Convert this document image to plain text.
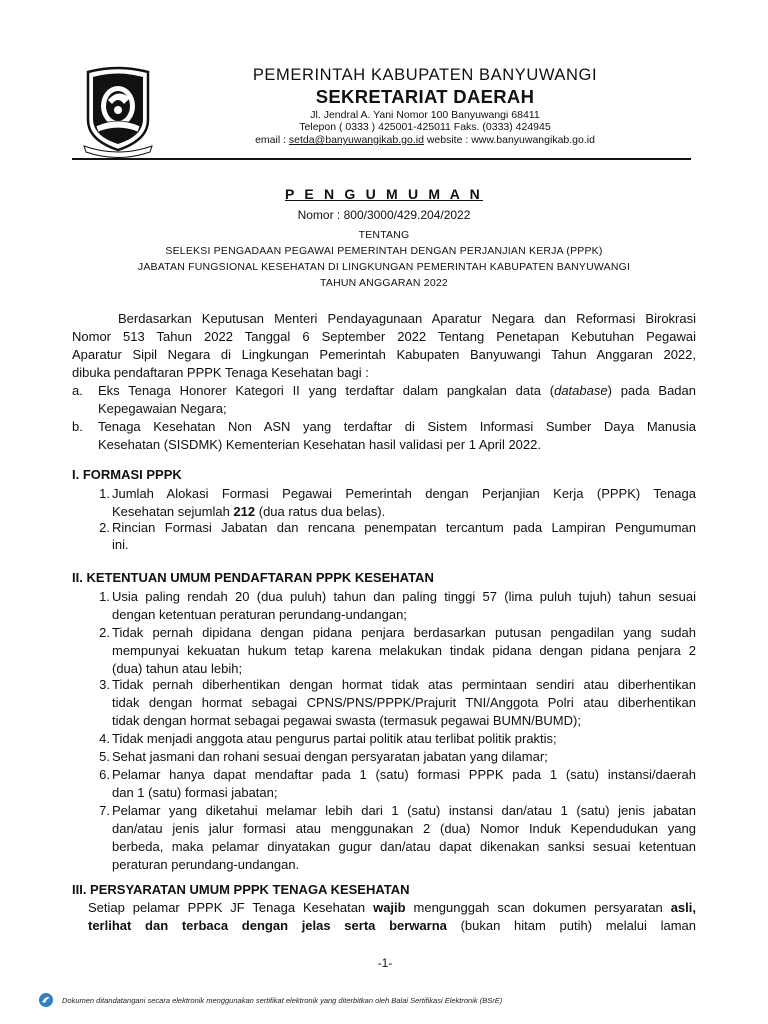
PEMERINTAH KABUPATEN BANYUWANGI
SEKRETARIAT DAERAH
Jl. Jendral A. Yani Nomor 100 Banyuwangi 68411
Telepon ( 0333 ) 425001-425011 Faks. (0333) 424945
email : setda@banyuwangikab.go.id website : www.banyuwangikab.go.id
P E N G U M U M A N
Nomor : 800/3000/429.204/2022
TENTANG
SELEKSI PENGADAAN PEGAWAI PEMERINTAH DENGAN PERJANJIAN KERJA (PPPK)
JABATAN FUNGSIONAL KESEHATAN DI LINGKUNGAN PEMERINTAH KABUPATEN BANYUWANGI
TAHUN ANGGARAN 2022
Berdasarkan Keputusan Menteri Pendayagunaan Aparatur Negara dan Reformasi Birokrasi
Nomor 513 Tahun 2022 Tanggal 6 September 2022 Tentang Penetapan Kebutuhan Pegawai
Aparatur Sipil Negara di Lingkungan Pemerintah Kabupaten Banyuwangi Tahun Anggaran 2022,
dibuka pendaftaran PPPK Tenaga Kesehatan bagi :
a.	Eks Tenaga Honorer Kategori II yang terdaftar dalam pangkalan data (database) pada Badan
Kepegawaian Negara;
b.	Tenaga Kesehatan Non ASN yang terdaftar di Sistem Informasi Sumber Daya Manusia
Kesehatan (SISDMK) Kementerian Kesehatan hasil validasi per 1 April 2022.
I. FORMASI PPPK
1. Jumlah Alokasi Formasi Pegawai Pemerintah dengan Perjanjian Kerja (PPPK) Tenaga
Kesehatan sejumlah 212 (dua ratus dua belas).
2. Rincian Formasi Jabatan dan rencana penempatan tercantum pada Lampiran Pengumuman
ini.
II. KETENTUAN UMUM PENDAFTARAN PPPK KESEHATAN
1. Usia paling rendah 20 (dua puluh) tahun dan paling tinggi 57 (lima puluh tujuh) tahun sesuai
dengan ketentuan peraturan perundang-undangan;
2. Tidak pernah dipidana dengan pidana penjara berdasarkan putusan pengadilan yang sudah
mempunyai kekuatan hukum tetap karena melakukan tindak pidana dengan pidana penjara 2
(dua) tahun atau lebih;
3. Tidak pernah diberhentikan dengan hormat tidak atas permintaan sendiri atau diberhentikan
tidak dengan hormat sebagai CPNS/PNS/PPPK/Prajurit TNI/Anggota Polri atau diberhentikan
tidak dengan hormat sebagai pegawai swasta (termasuk pegawai BUMN/BUMD);
4. Tidak menjadi anggota atau pengurus partai politik atau terlibat politik praktis;
5. Sehat jasmani dan rohani sesuai dengan persyaratan jabatan yang dilamar;
6. Pelamar hanya dapat mendaftar pada 1 (satu) formasi PPPK pada 1 (satu) instansi/daerah
dan 1 (satu) formasi jabatan;
7. Pelamar yang diketahui melamar lebih dari 1 (satu) instansi dan/atau 1 (satu) jenis jabatan
dan/atau jenis jalur formasi atau menggunakan 2 (dua) Nomor Induk Kependudukan yang
berbeda, maka pelamar dinyatakan gugur dan/atau dapat dikenakan sanksi sesuai ketentuan
peraturan perundang-undangan.
III. PERSYARATAN UMUM PPPK TENAGA KESEHATAN
Setiap pelamar PPPK JF Tenaga Kesehatan wajib mengunggah scan dokumen persyaratan asli,
terlihat dan terbaca dengan jelas serta berwarna (bukan hitam putih) melalui laman
-1-
Dokumen ditandatangani secara elektronik menggunakan sertifikat elektronik yang diterbitkan oleh Balai Sertifikasi Elektronik (BSrE)
